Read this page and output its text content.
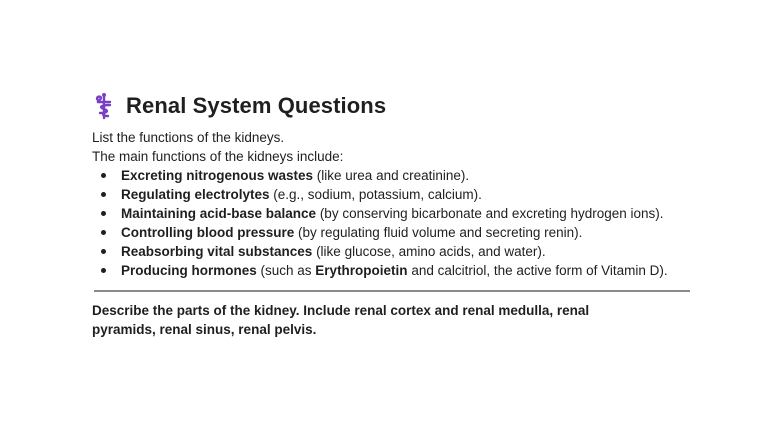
Renal System Questions
List the functions of the kidneys.
The main functions of the kidneys include:
Excreting nitrogenous wastes (like urea and creatinine).
Regulating electrolytes (e.g., sodium, potassium, calcium).
Maintaining acid-base balance (by conserving bicarbonate and excreting hydrogen ions).
Controlling blood pressure (by regulating fluid volume and secreting renin).
Reabsorbing vital substances (like glucose, amino acids, and water).
Producing hormones (such as Erythropoietin and calcitriol, the active form of Vitamin D).
Describe the parts of the kidney. Include renal cortex and renal medulla, renal pyramids, renal sinus, renal pelvis.
